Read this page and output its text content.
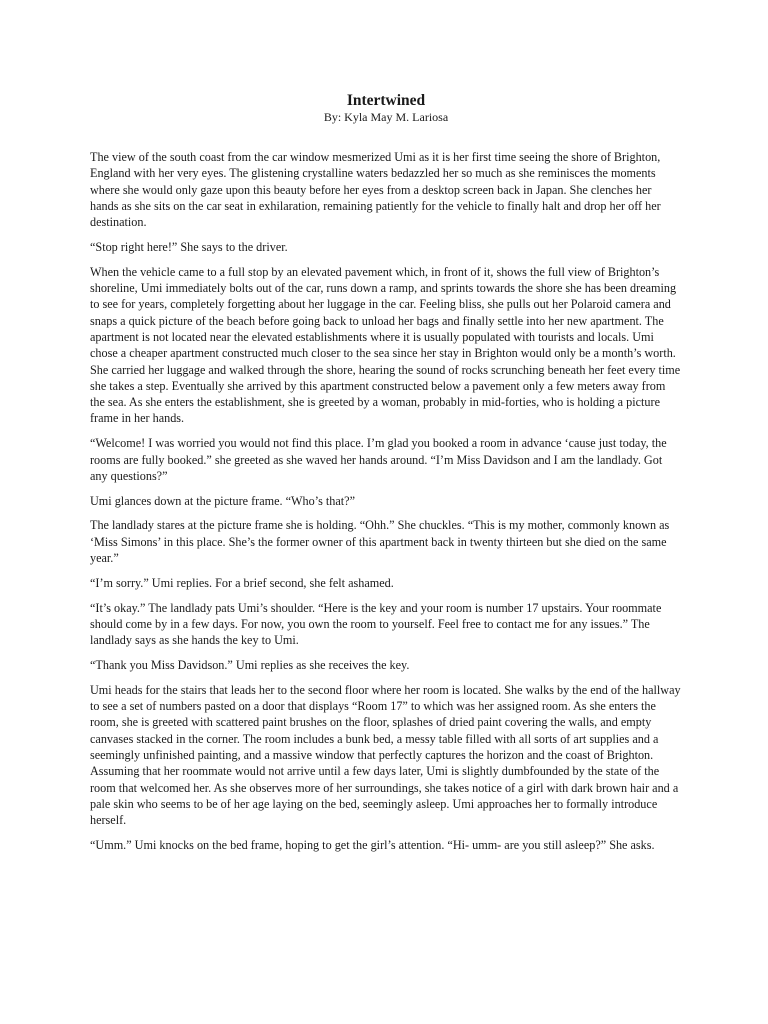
Intertwined

By: Kyla May M. Lariosa

The view of the south coast from the car window mesmerized Umi as it is her first time seeing the shore of Brighton, England with her very eyes. The glistening crystalline waters bedazzled her so much as she reminisces the moments where she would only gaze upon this beauty before her eyes from a desktop screen back in Japan. She clenches her hands as she sits on the car seat in exhilaration, remaining patiently for the vehicle to finally halt and drop her off her destination.

“Stop right here!” She says to the driver.

When the vehicle came to a full stop by an elevated pavement which, in front of it, shows the full view of Brighton’s shoreline, Umi immediately bolts out of the car, runs down a ramp, and sprints towards the shore she has been dreaming to see for years, completely forgetting about her luggage in the car. Feeling bliss, she pulls out her Polaroid camera and snaps a quick picture of the beach before going back to unload her bags and finally settle into her new apartment. The apartment is not located near the elevated establishments where it is usually populated with tourists and locals. Umi chose a cheaper apartment constructed much closer to the sea since her stay in Brighton would only be a month’s worth. She carried her luggage and walked through the shore, hearing the sound of rocks scrunching beneath her feet every time she takes a step. Eventually she arrived by this apartment constructed below a pavement only a few meters away from the sea. As she enters the establishment, she is greeted by a woman, probably in mid-forties, who is holding a picture frame in her hands.

“Welcome! I was worried you would not find this place. I’m glad you booked a room in advance ‘cause just today, the rooms are fully booked.” she greeted as she waved her hands around. “I’m Miss Davidson and I am the landlady. Got any questions?”

Umi glances down at the picture frame. “Who’s that?”

The landlady stares at the picture frame she is holding. “Ohh.” She chuckles. “This is my mother, commonly known as ‘Miss Simons’ in this place. She’s the former owner of this apartment back in twenty thirteen but she died on the same year.”

“I’m sorry.” Umi replies. For a brief second, she felt ashamed.

“It’s okay.” The landlady pats Umi’s shoulder. “Here is the key and your room is number 17 upstairs. Your roommate should come by in a few days. For now, you own the room to yourself. Feel free to contact me for any issues.” The landlady says as she hands the key to Umi.

“Thank you Miss Davidson.” Umi replies as she receives the key.

Umi heads for the stairs that leads her to the second floor where her room is located. She walks by the end of the hallway to see a set of numbers pasted on a door that displays “Room 17” to which was her assigned room. As she enters the room, she is greeted with scattered paint brushes on the floor, splashes of dried paint covering the walls, and empty canvases stacked in the corner. The room includes a bunk bed, a messy table filled with all sorts of art supplies and a seemingly unfinished painting, and a massive window that perfectly captures the horizon and the coast of Brighton. Assuming that her roommate would not arrive until a few days later, Umi is slightly dumbfounded by the state of the room that welcomed her. As she observes more of her surroundings, she takes notice of a girl with dark brown hair and a pale skin who seems to be of her age laying on the bed, seemingly asleep. Umi approaches her to formally introduce herself.

“Umm.” Umi knocks on the bed frame, hoping to get the girl’s attention. “Hi- umm- are you still asleep?” She asks.
